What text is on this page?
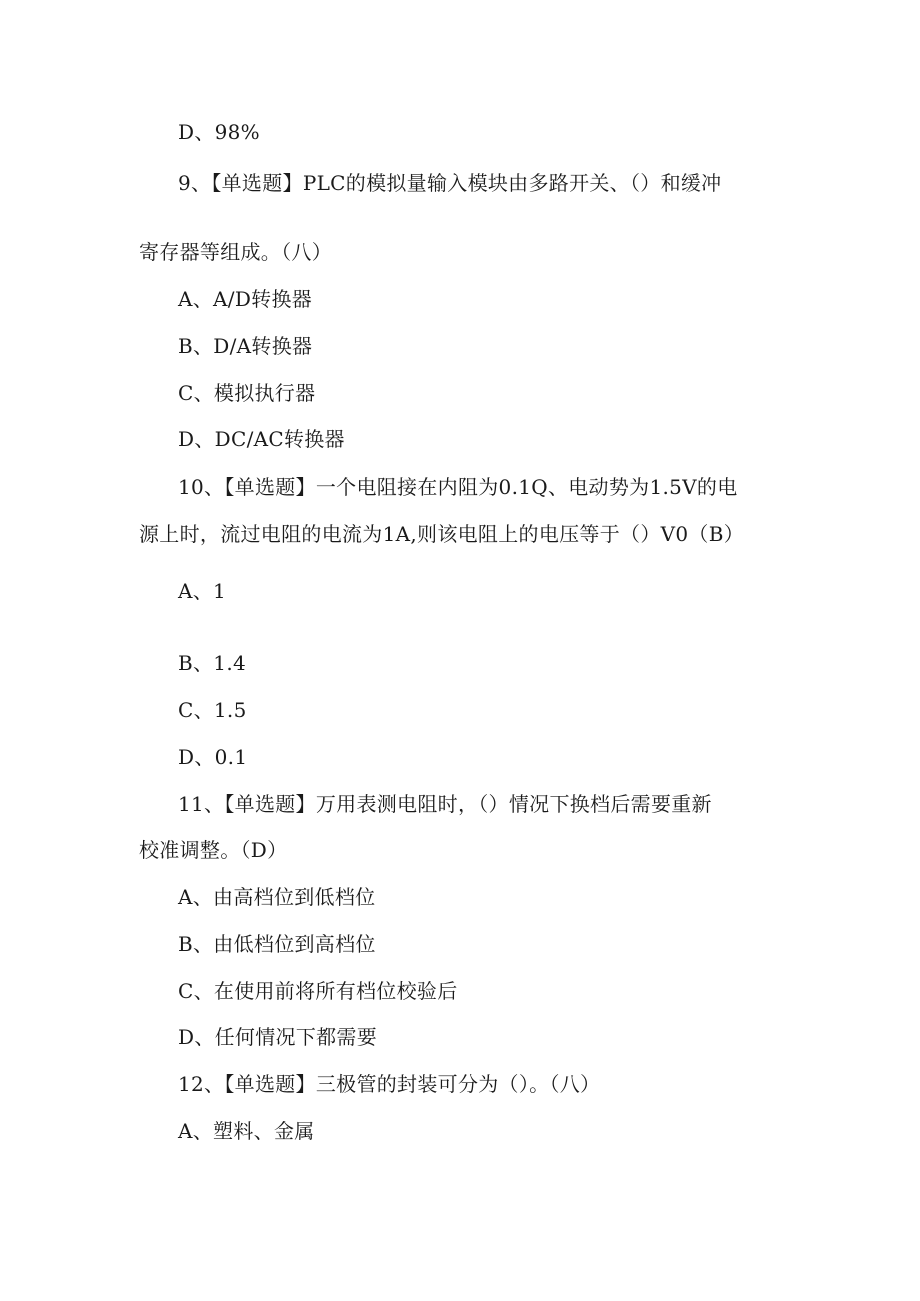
D、98%
9、【单选题】PLC的模拟量输入模块由多路开关、（）和缓冲
寄存器等组成。（八）
A、A/D转换器
B、D/A转换器
C、模拟执行器
D、DC/AC转换器
10、【单选题】一个电阻接在内阻为0.1Q、电动势为1.5V的电
源上时，流过电阻的电流为1A,则该电阻上的电压等于（）V0（B）
A、1
B、1.4
C、1.5
D、0.1
11、【单选题】万用表测电阻时，（）情况下换档后需要重新
校准调整。（D）
A、由高档位到低档位
B、由低档位到高档位
C、在使用前将所有档位校验后
D、任何情况下都需要
12、【单选题】三极管的封装可分为（）。（八）
A、塑料、金属
